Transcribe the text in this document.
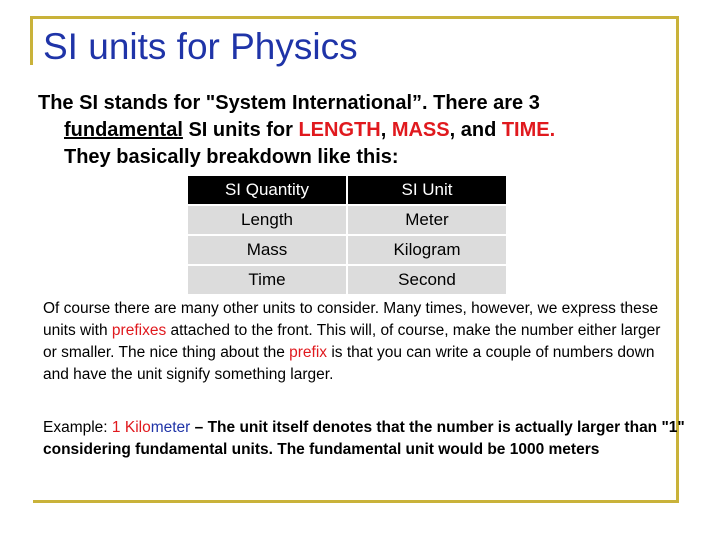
SI units for Physics
The SI stands for "System International”. There are 3
fundamental SI units for LENGTH, MASS, and TIME.
They basically breakdown like this:
SI Quantity	SI Unit
Length	Meter
Mass	Kilogram
Time	Second
Of course there are many other units to consider. Many times, however, we express these units with prefixes attached to the front. This will, of course, make the number either larger or smaller. The nice thing about the prefix is that you can write a couple of numbers down and have the unit signify something larger.
Example: 1 Kilometer – The unit itself denotes that the number is actually larger than "1" considering fundamental units. The fundamental unit would be 1000 meters
